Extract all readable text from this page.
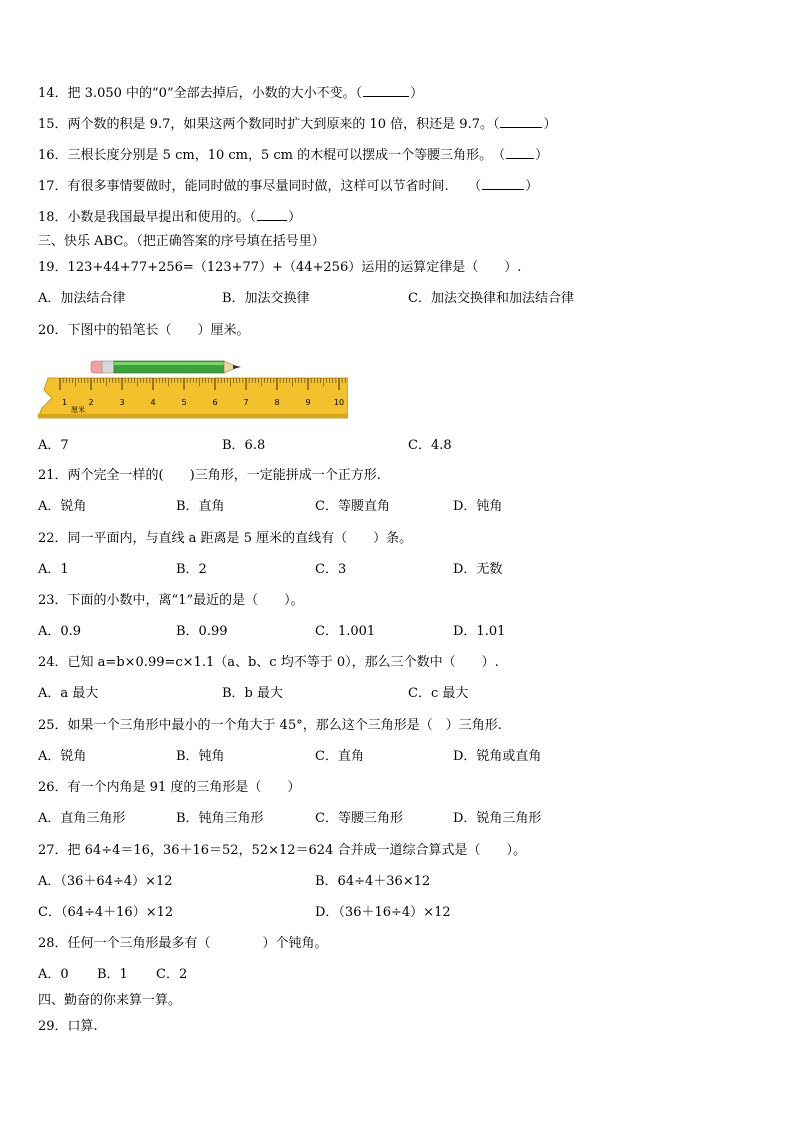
14．把 3.050 中的“0”全部去掉后，小数的大小不变。（	）
15．两个数的积是 9.7，如果这两个数同时扩大到原来的 10 倍，积还是 9.7。（	）
16．三根长度分别是 5 cm，10 cm，5 cm 的木棍可以摆成一个等腰三角形。　（ ）
17．有很多事情要做时，能同时做的事尽量同时做，这样可以节省时间.　　（	）
18．小数是我国最早提出和使用的。（ ）
三、快乐 ABC。（把正确答案的序号填在括号里）
19．123+44+77+256=（123+77）+（44+256）运用的运算定律是（　　）.
A．加法结合律	B．加法交换律	C．加法交换律和加法结合律
20．下图中的铅笔长（　　）厘米。
2	3	4	5	6	7	8	9	10
1
厘米
A．7	B．6.8	C．4.8
21．两个完全一样的(　　)三角形，一定能拼成一个正方形.
A．锐角	B．直角	C．等腰直角	D．钝角
22．同一平面内，与直线 a 距离是 5 厘米的直线有（　　）条。
A．1	B．2	C．3	D．无数
23．下面的小数中，离“1”最近的是（　　）。
A．0.9	B．0.99	C．1.001	D．1.01
24．已知 a=b×0.99=c×1.1（a、b、c 均不等于 0），那么三个数中（　　）.
A．a 最大	B．b 最大	C．c 最大
25．如果一个三角形中最小的一个角大于 45°，那么这个三角形是（　）三角形.
A．锐角	B．钝角	C．直角	D．锐角或直角
26．有一个内角是 91 度的三角形是（　　）
A．直角三角形	B．钝角三角形	C．等腰三角形	D．锐角三角形
27．把 64÷4＝16，36＋16＝52，52×12＝624 合并成一道综合算式是（　　）。
A．（36＋64÷4）×12	B．64÷4＋36×12
C．（64÷4＋16）×12	D．（36＋16÷4）×12
28．任何一个三角形最多有（　　　　）个钝角。
A．0 B．1 C．2
四、勤奋的你来算一算。
29．口算.
